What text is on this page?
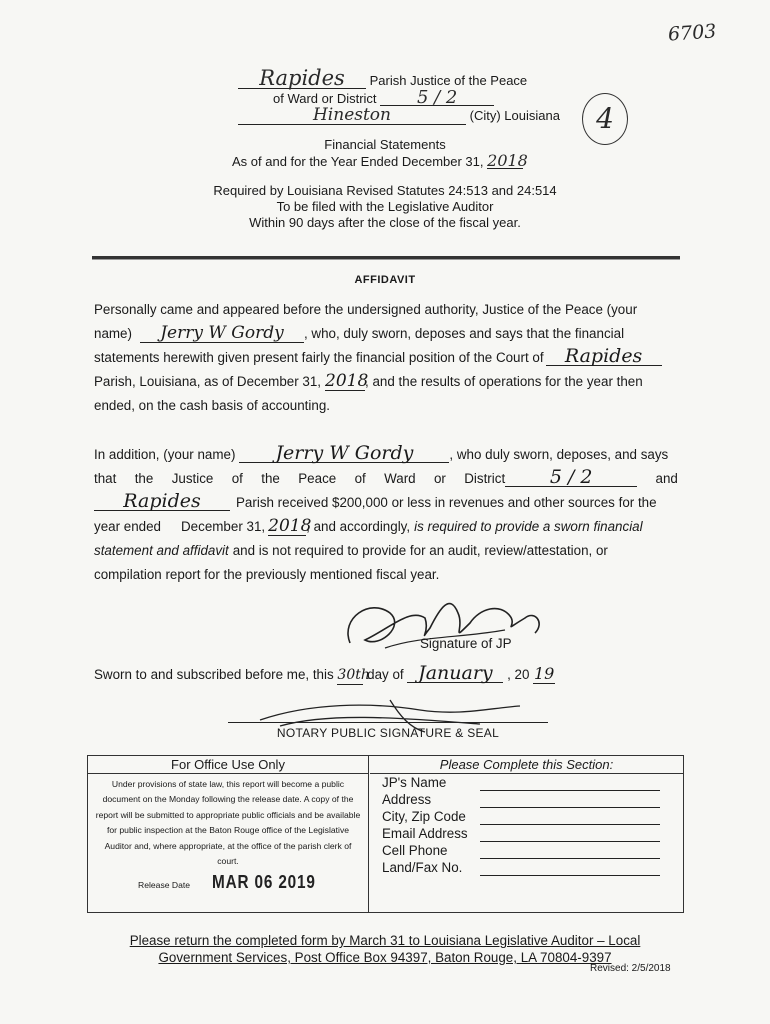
6703
4
Rapides Parish Justice of the Peace
of Ward or District 5 / 2
Hineston	(City) Louisiana
Financial Statements
As of and for the Year Ended December 31, 2018
Required by Louisiana Revised Statutes 24:513 and 24:514
To be filed with the Legislative Auditor
Within 90 days after the close of the fiscal year.
AFFIDAVIT
Personally came and appeared before the undersigned authority, Justice of the Peace (your
name)	Jerry W Gordy	, who, duly sworn, deposes and says that the financial
statements herewith given present fairly the financial position of the Court of	Rapides
Parish, Louisiana, as of December 31, 2018
, and the results of operations for the year then
ended, on the cash basis of accounting.
In addition, (your name)	Jerry W Gordy	, who duly sworn, deposes, and says
that the Justice of the Peace of Ward or District	5 / 2	and
Rapides	Parish received $200,000 or less in revenues and other sources for the
year ended December 31, 2018
, and accordingly, is required to provide a sworn financial
statement and affidavit and is not required to provide for an audit, review/attestation, or
compilation report for the previously mentioned fiscal year.
Signature of JP
Sworn to and subscribed before me, this 30th day of January , 20 19
NOTARY PUBLIC SIGNATURE & SEAL
For Office Use Only
Under provisions of state law, this report will become a public document on the Monday following the release date. A copy of the report will be submitted to appropriate public officials and be available for public inspection at the Baton Rouge office of the Legislative Auditor and, where appropriate, at the office of the parish clerk of court.
Release Date MAR 06 2019
Please Complete this Section:
JP's Name
Address
City, Zip Code
Email Address
Cell Phone
Land/Fax No.
Please return the completed form by March 31 to Louisiana Legislative Auditor – Local
Government Services, Post Office Box 94397, Baton Rouge, LA 70804-9397
Revised: 2/5/2018
